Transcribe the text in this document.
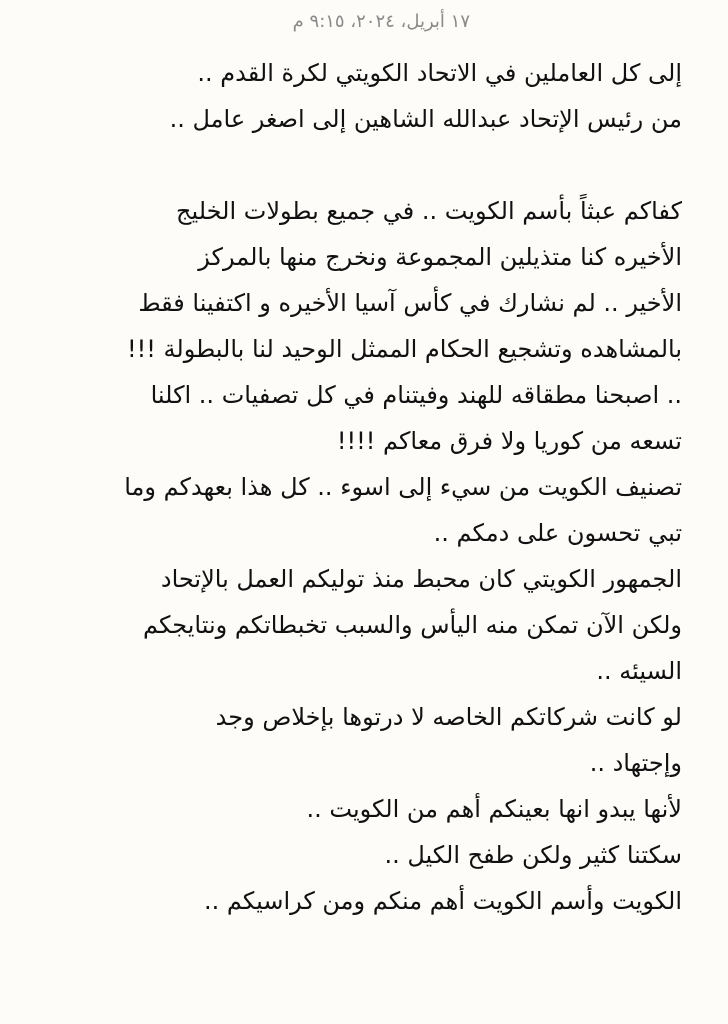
١٧ أبريل، ٢٠٢٤، ٩:١٥ م
إلى كل العاملين في الاتحاد الكويتي لكرة القدم ..
من رئيس الإتحاد عبدالله الشاهين إلى اصغر عامل ..
كفاكم عبثاً بأسم الكويت .. في جميع بطولات الخليج
الأخيره كنا متذيلين المجموعة ونخرج منها بالمركز
الأخير .. لم نشارك في كأس آسيا الأخيره و اكتفينا فقط
بالمشاهده وتشجيع الحكام الممثل الوحيد لنا بالبطولة !!!
.. اصبحنا مطقاقه للهند وفيتنام في كل تصفيات .. اكلنا
تسعه من كوريا ولا فرق معاكم !!!!
تصنيف الكويت من سيء إلى اسوء .. كل هذا بعهدكم وما
تبي تحسون على دمكم ..
الجمهور الكويتي كان محبط منذ توليكم العمل بالإتحاد
ولكن الآن تمكن منه اليأس والسبب تخبطاتكم ونتايجكم
السيئه ..
لو كانت شركاتكم الخاصه لا درتوها بإخلاص وجد
وإجتهاد ..
لأنها يبدو انها بعينكم أهم من الكويت ..
سكتنا كثير ولكن طفح الكيل ..
الكويت وأسم الكويت أهم منكم ومن كراسيكم ..
